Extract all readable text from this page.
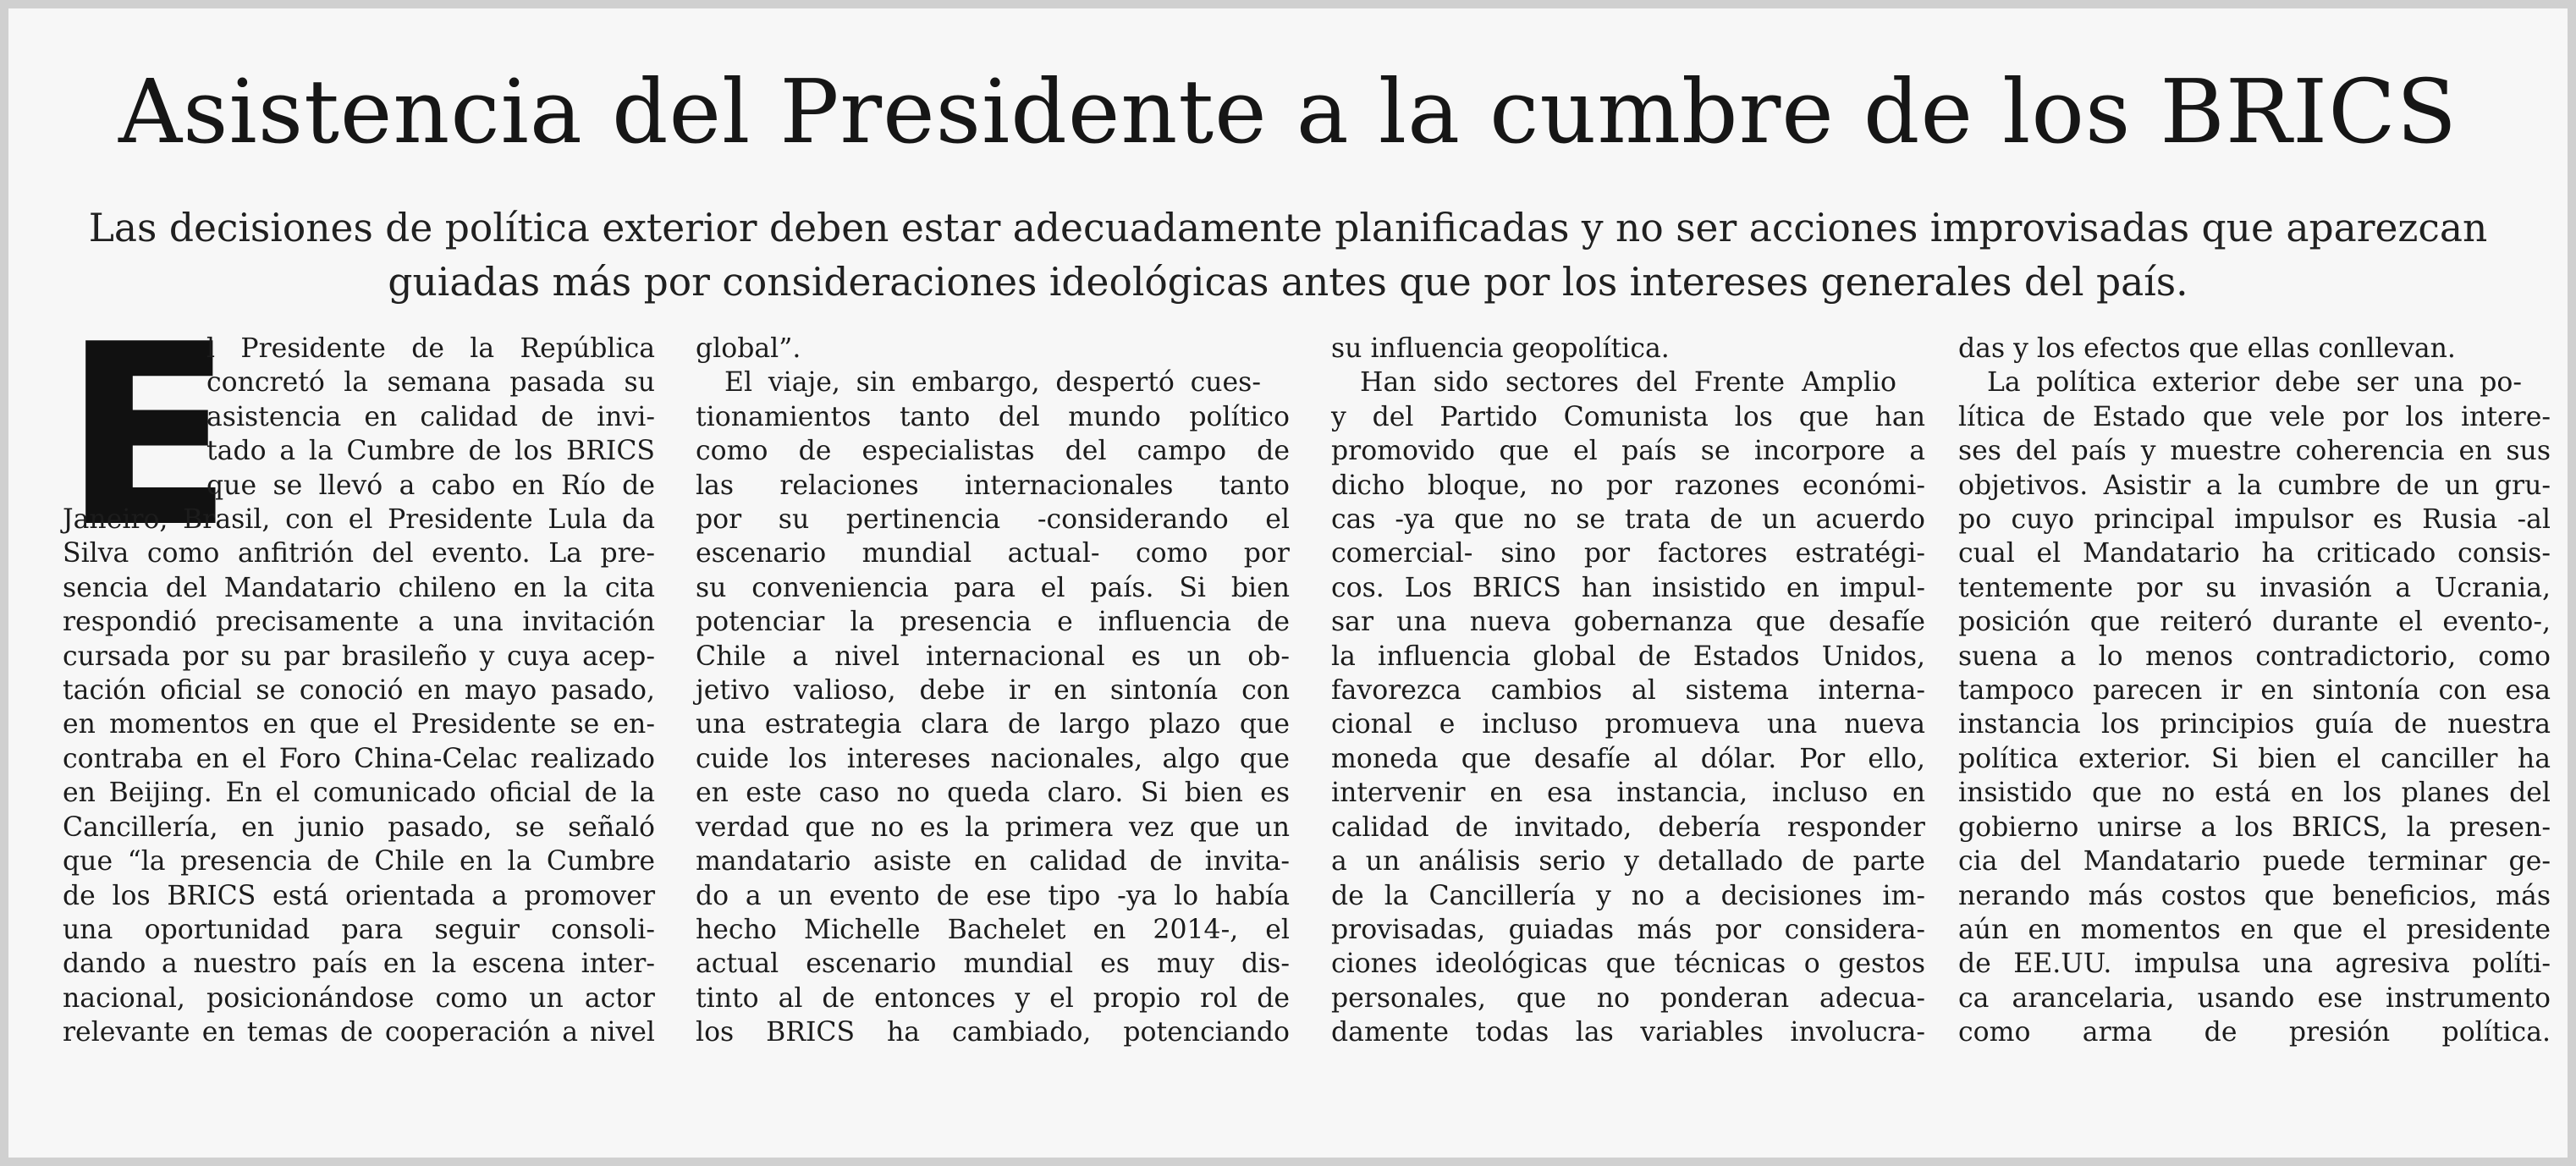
Asistencia del Presidente a la cumbre de los BRICS
Las decisiones de política exterior deben estar adecuadamente planificadas y no ser acciones improvisadas que aparezcan
guiadas más por consideraciones ideológicas antes que por los intereses generales del país.
E
l Presidente de la República
concretó la semana pasada su
asistencia en calidad de invi-
tado a la Cumbre de los BRICS
que se llevó a cabo en Río de
Janeiro, Brasil, con el Presidente Lula da
Silva como anfitrión del evento. La pre-
sencia del Mandatario chileno en la cita
respondió precisamente a una invitación
cursada por su par brasileño y cuya acep-
tación oficial se conoció en mayo pasado,
en momentos en que el Presidente se en-
contraba en el Foro China-Celac realizado
en Beijing. En el comunicado oficial de la
Cancillería, en junio pasado, se señaló
que “la presencia de Chile en la Cumbre
de los BRICS está orientada a promover
una oportunidad para seguir consoli-
dando a nuestro país en la escena inter-
nacional, posicionándose como un actor
relevante en temas de cooperación a nivel
global”.
El viaje, sin embargo, despertó cues-
tionamientos tanto del mundo político
como de especialistas del campo de
las relaciones internacionales tanto
por su pertinencia -considerando el
escenario mundial actual- como por
su conveniencia para el país. Si bien
potenciar la presencia e influencia de
Chile a nivel internacional es un ob-
jetivo valioso, debe ir en sintonía con
una estrategia clara de largo plazo que
cuide los intereses nacionales, algo que
en este caso no queda claro. Si bien es
verdad que no es la primera vez que un
mandatario asiste en calidad de invita-
do a un evento de ese tipo -ya lo había
hecho Michelle Bachelet en 2014-, el
actual escenario mundial es muy dis-
tinto al de entonces y el propio rol de
los BRICS ha cambiado, potenciando
su influencia geopolítica.
Han sido sectores del Frente Amplio
y del Partido Comunista los que han
promovido que el país se incorpore a
dicho bloque, no por razones económi-
cas -ya que no se trata de un acuerdo
comercial- sino por factores estratégi-
cos. Los BRICS han insistido en impul-
sar una nueva gobernanza que desafíe
la influencia global de Estados Unidos,
favorezca cambios al sistema interna-
cional e incluso promueva una nueva
moneda que desafíe al dólar. Por ello,
intervenir en esa instancia, incluso en
calidad de invitado, debería responder
a un análisis serio y detallado de parte
de la Cancillería y no a decisiones im-
provisadas, guiadas más por considera-
ciones ideológicas que técnicas o gestos
personales, que no ponderan adecua-
damente todas las variables involucra-
das y los efectos que ellas conllevan.
La política exterior debe ser una po-
lítica de Estado que vele por los intere-
ses del país y muestre coherencia en sus
objetivos. Asistir a la cumbre de un gru-
po cuyo principal impulsor es Rusia -al
cual el Mandatario ha criticado consis-
tentemente por su invasión a Ucrania,
posición que reiteró durante el evento-,
suena a lo menos contradictorio, como
tampoco parecen ir en sintonía con esa
instancia los principios guía de nuestra
política exterior. Si bien el canciller ha
insistido que no está en los planes del
gobierno unirse a los BRICS, la presen-
cia del Mandatario puede terminar ge-
nerando más costos que beneficios, más
aún en momentos en que el presidente
de EE.UU. impulsa una agresiva políti-
ca arancelaria, usando ese instrumento
como arma de presión política.
